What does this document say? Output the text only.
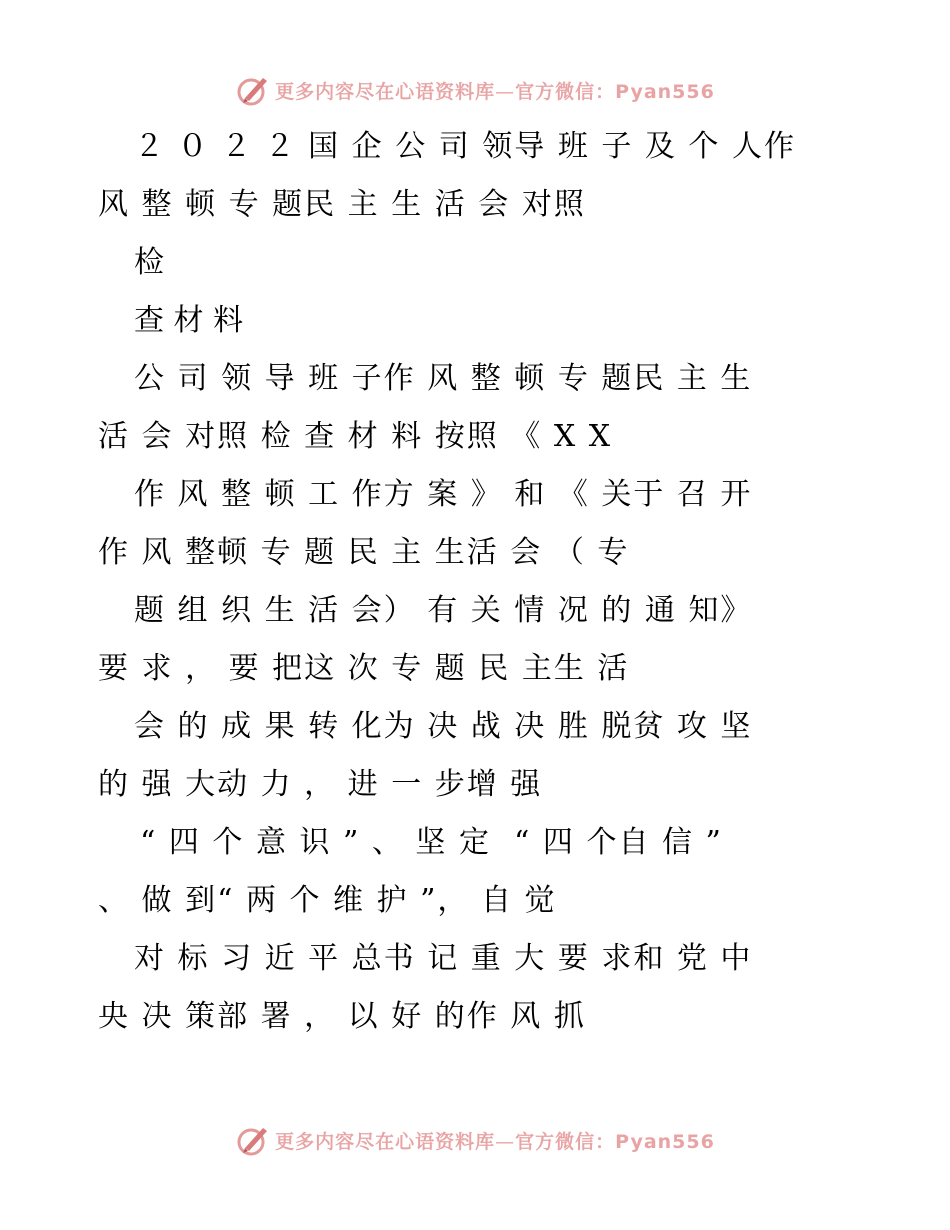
更多内容尽在心语资料库—官方微信：Pyan556
２ ０ ２ ２ 国 企 公 司 领导 班 子 及 个 人作
风 整 顿 专 题民 主 生 活 会 对照
检
查 材 料
公 司 领 导 班 子作 风 整 顿 专 题民 主 生
活 会 对照 检 查 材 料 按照 《 X X
作 风 整 顿 工 作方 案 》 和 《 关于 召 开
作 风 整顿 专 题 民 主 生活 会 （ 专
题 组 织 生 活 会） 有 关 情 况 的 通 知》
要 求 ， 要 把这 次 专 题 民 主生 活
会 的 成 果 转 化为 决 战 决 胜 脱贫 攻 坚
的 强 大动 力 ， 进 一 步增 强
“ 四 个 意 识 ” 、 坚 定  “ 四 个自 信 ”
、 做 到“ 两 个 维 护 ”， 自 觉
对 标 习 近 平 总书 记 重 大 要 求和 党 中
央 决 策部 署 ， 以 好 的作 风 抓
更多内容尽在心语资料库—官方微信：Pyan556
